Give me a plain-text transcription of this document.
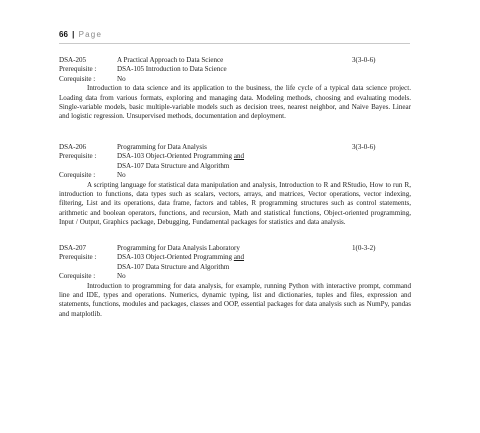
66 | Page
DSA-205	A Practical Approach to Data Science	3(3-0-6)
Prerequisite :	DSA-105 Introduction to Data Science
Corequisite :	No

Introduction to data science and its application to the business, the life cycle of a typical data science project. Loading data from various formats, exploring and managing data. Modeling methods, choosing and evaluating models. Single-variable models, basic multiple-variable models such as decision trees, nearest neighbor, and Naive Bayes. Linear and logistic regression. Unsupervised methods, documentation and deployment.

DSA-206	Programming for Data Analysis	3(3-0-6)
Prerequisite :	DSA-103 Object-Oriented Programming and
DSA-107 Data Structure and Algorithm
Corequisite :	No

A scripting language for statistical data manipulation and analysis, Introduction to R and RStudio, How to run R, introduction to functions, data types such as scalars, vectors, arrays, and matrices, Vector operations, vector indexing, filtering, List and its operations, data frame, factors and tables, R programming structures such as control statements, arithmetic and boolean operators, functions, and recursion, Math and statistical functions, Object-oriented programming, Input / Output, Graphics package, Debugging, Fundamental packages for statistics and data analysis.

DSA-207	Programming for Data Analysis Laboratory	1(0-3-2)
Prerequisite :	DSA-103 Object-Oriented Programming and
DSA-107 Data Structure and Algorithm
Corequisite :	No

Introduction to programming for data analysis, for example, running Python with interactive prompt, command line and IDE, types and operations. Numerics, dynamic typing, list and dictionaries, tuples and files, expression and statements, functions, modules and packages, classes and OOP, essential packages for data analysis such as NumPy, pandas and matplotlib.
